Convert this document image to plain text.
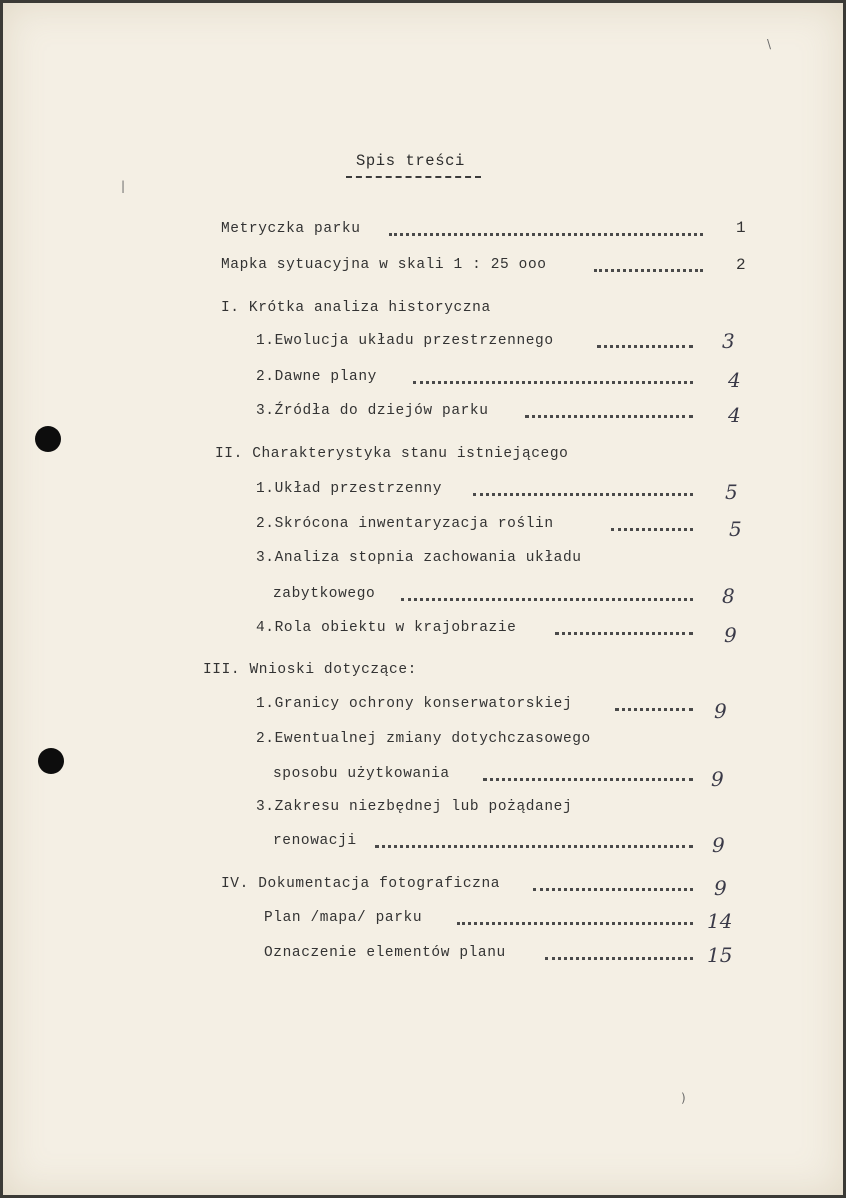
\
|
)
Spis treści
Metryczka parku	1
Mapka sytuacyjna w skali 1 : 25 ooo	2
I. Krótka analiza historyczna
1.Ewolucja układu przestrzennego	3
2.Dawne plany	4
3.Źródła do dziejów parku	4
II. Charakterystyka stanu istniejącego
1.Układ przestrzenny	5
2.Skrócona inwentaryzacja roślin	5
3.Analiza stopnia zachowania układu
zabytkowego	8
4.Rola obiektu w krajobrazie	9
III. Wnioski dotyczące:
1.Granicy ochrony konserwatorskiej	9
2.Ewentualnej zmiany dotychczasowego
sposobu użytkowania	9
3.Zakresu niezbędnej lub pożądanej
renowacji	9
IV. Dokumentacja fotograficzna	9
Plan /mapa/ parku	14
Oznaczenie elementów planu	15
